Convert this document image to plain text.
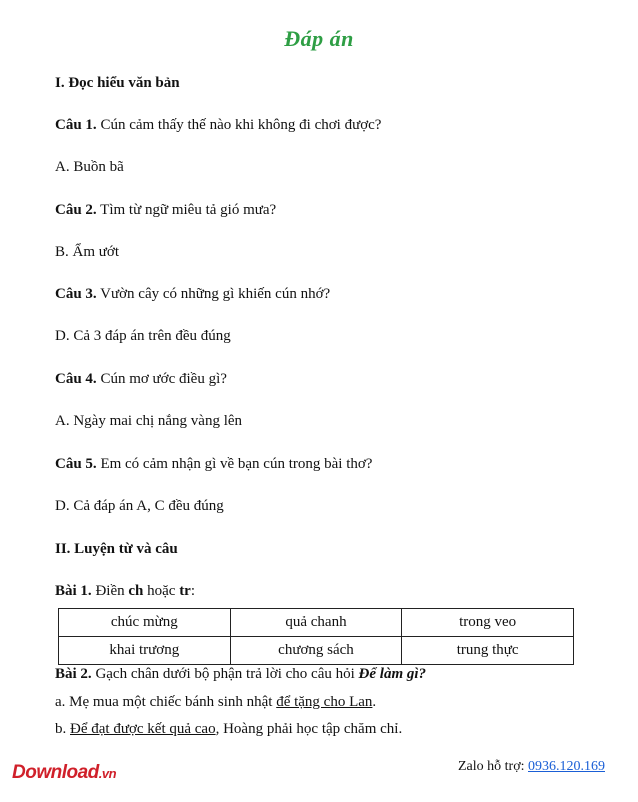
Đáp án
I. Đọc hiểu văn bản
Câu 1. Cún cảm thấy thế nào khi không đi chơi được?
A. Buồn bã
Câu 2. Tìm từ ngữ miêu tả gió mưa?
B. Ẩm ướt
Câu 3. Vườn cây có những gì khiến cún nhớ?
D. Cả 3 đáp án trên đều đúng
Câu 4. Cún mơ ước điều gì?
A. Ngày mai chị nắng vàng lên
Câu 5. Em có cảm nhận gì về bạn cún trong bài thơ?
D. Cả đáp án A, C đều đúng
II. Luyện từ và câu
Bài 1. Điền ch hoặc tr:
chúc mừng	quả chanh	trong veo
khai trương	chương sách	trung thực
Bài 2. Gạch chân dưới bộ phận trả lời cho câu hỏi Để làm gì?
a. Mẹ mua một chiếc bánh sinh nhật để tặng cho Lan.
b. Để đạt được kết quả cao, Hoàng phải học tập chăm chỉ.
Download.vn	Zalo hỗ trợ: 0936.120.169
